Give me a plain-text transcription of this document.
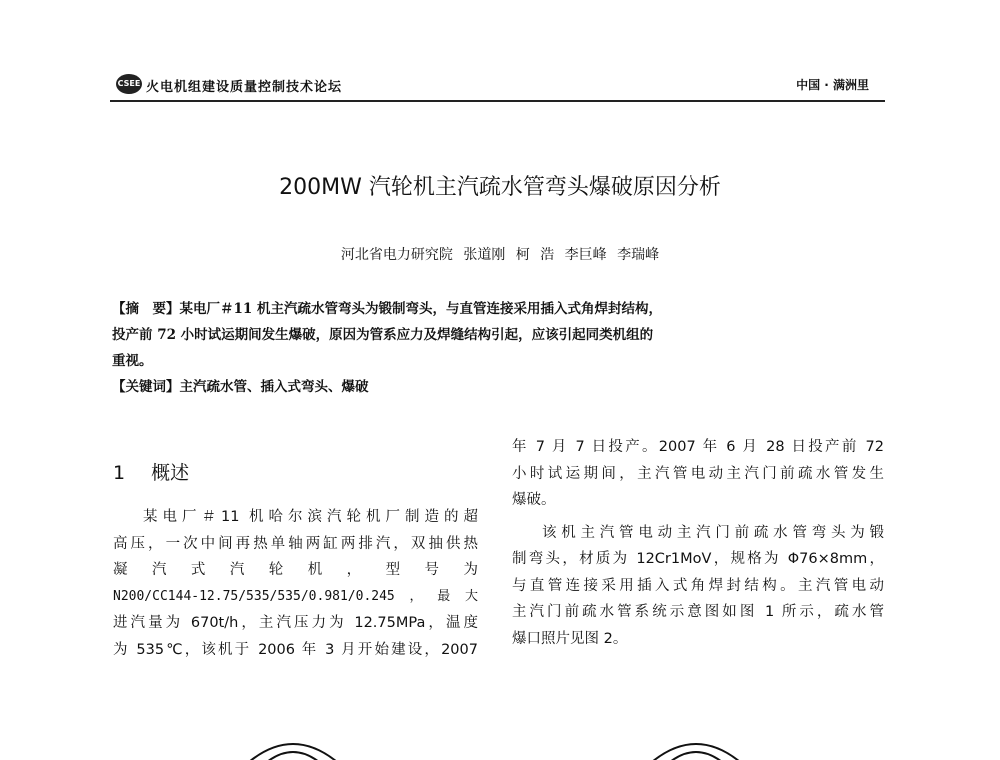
CSEE 火电机组建设质量控制技术论坛	中国 · 满洲里
200MW 汽轮机主汽疏水管弯头爆破原因分析
河北省电力研究院 张道刚 柯 浩 李巨峰 李瑞峰
【摘　要】某电厂＃11 机主汽疏水管弯头为锻制弯头，与直管连接采用插入式角焊封结构，
投产前 72 小时试运期间发生爆破，原因为管系应力及焊缝结构引起，应该引起同类机组的
重视。
【关键词】主汽疏水管、插入式弯头、爆破
1 概述
某电厂＃11 机哈尔滨汽轮机厂制造的超
高压，一次中间再热单轴两缸两排汽，双抽供热
凝 汽 式 汽 轮 机 ， 型 号 为
N200/CC144-12.75/535/535/0.981/0.245，最大
进汽量为 670t/h，主汽压力为 12.75MPa，温度
为 535℃，该机于 2006 年 3 月开始建设，2007
年 7 月 7 日投产。2007 年 6 月 28 日投产前 72
小时试运期间，主汽管电动主汽门前疏水管发生
爆破。
该机主汽管电动主汽门前疏水管弯头为锻
制弯头，材质为 12Cr1MoV，规格为 Φ76×8mm，
与直管连接采用插入式角焊封结构。主汽管电动
主汽门前疏水管系统示意图如图 1 所示，疏水管
爆口照片见图 2。
